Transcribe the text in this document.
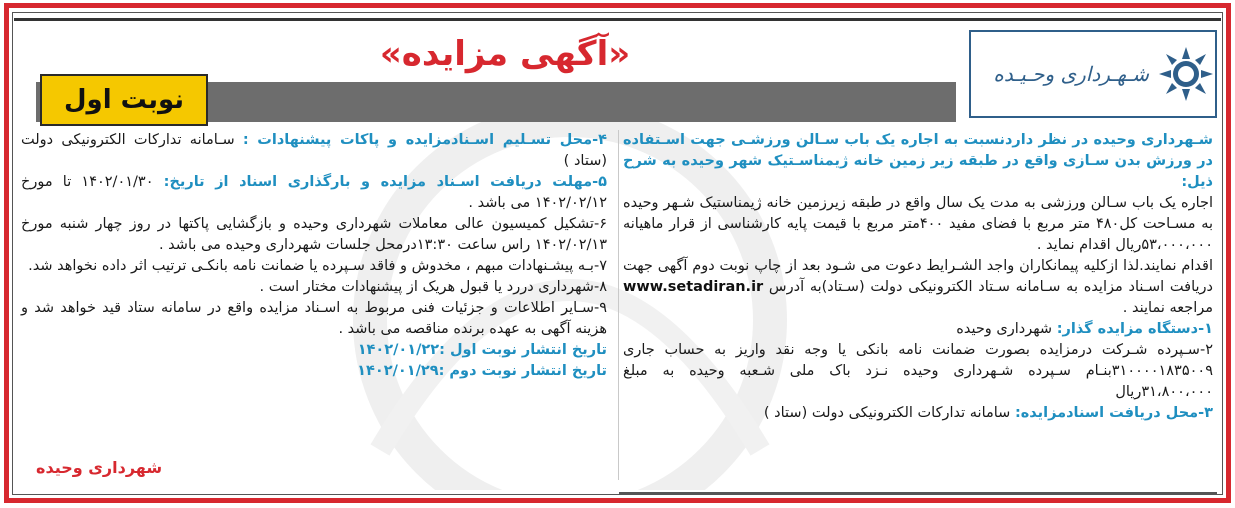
شـهـرداری وحـیـده
«آگهی مزایده»
نوبت اول

شـهرداری وحیده در نظر داردنسبت به اجاره یک باب سـالن ورزشـی جهت اسـتفاده در ورزش بدن سـازی واقع در طبقه زیر زمین خانه ژیمناسـتیک شهر وحیده به شرح ذیل:

اجاره یک باب سـالن ورزشی به مدت یک سال واقع در طبقه زیرزمین خانه ژیمناستیک شـهر وحیده به مسـاحت کل۴۸۰ متر مربع با فضای مفید ۴۰۰متر مربع با قیمت پایه کارشناسی از قرار ماهیانه ۵۳،۰۰۰،۰۰۰ریال اقدام نماید .

اقدام نمایند.لذا ازکلیه پیمانکاران واجد الشـرایط دعوت می شـود بعد از چاپ نوبت دوم آگهی جهت دریافت اسـناد مزایده به سـامانه سـتاد الکترونیکی دولت (سـتاد)به آدرس www.setadiran.ir مراجعه نمایند .

۱-دستگاه مزایده گذار: شهرداری وحیده

۲-سـپرده شـرکت درمزایده بصورت ضمانت نامه بانکی یا وجه نقد واریز به حساب جاری ۳۱۰۰۰۰۱۸۳۵۰۰۹بنـام سـپرده شـهرداری وحیده نـزد باک ملی شـعبه وحیده به مبلغ ۳۱،۸۰۰،۰۰۰ریال

۳-محل دریافت اسنادمزایده: سامانه تدارکات الکترونیکی دولت (ستاد )

۴-محل تسـلیم اسـنادمزایده و پاکات پیشنهادات : سـامانه تدارکات الکترونیکی دولت (ستاد )

۵-مهلت دریافت اسـناد مزایده و بارگذاری اسناد از تاریخ: ۱۴۰۲/۰۱/۳۰ تا مورخ ۱۴۰۲/۰۲/۱۲ می باشد .

۶-تشکیل کمیسیون عالی معاملات شهرداری وحیده و بازگشایی پاکتها در روز چهار شنبه مورخ ۱۴۰۲/۰۲/۱۳ راس ساعت ۱۳:۳۰درمحل جلسات شهرداری وحیده می باشد .

۷-بـه پیشـنهادات مبهم ، مخدوش و فاقد سـپرده یا ضمانت نامه بانکـی ترتیب اثر داده نخواهد شد.

۸-شهرداری دررد یا قبول هریک از پیشنهادات مختار است .

۹-سـایر اطلاعات و جزئیات فنی مربوط به اسـناد مزایده واقع در سامانه ستاد قید خواهد شد و هزینه آگهی به عهده برنده مناقصه می باشد .

تاریخ انتشار نوبت اول :۱۴۰۲/۰۱/۲۲

تاریخ انتشار نوبت دوم :۱۴۰۲/۰۱/۲۹

شهرداری وحیده
